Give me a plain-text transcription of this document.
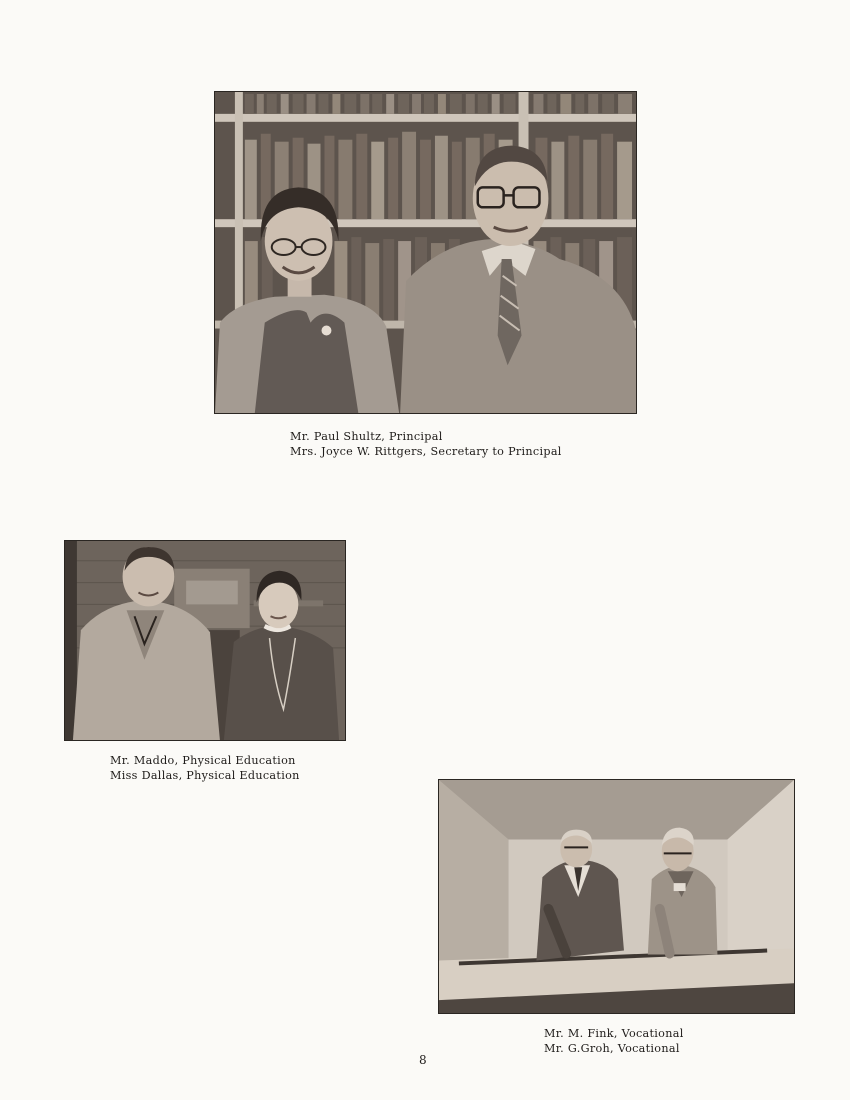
Mr. Paul Shultz, Principal
Mrs. Joyce W. Rittgers, Secretary to Principal
Mr. Maddo, Physical Education
Miss Dallas, Physical Education
Mr. M. Fink, Vocational
Mr. G.Groh, Vocational
8
